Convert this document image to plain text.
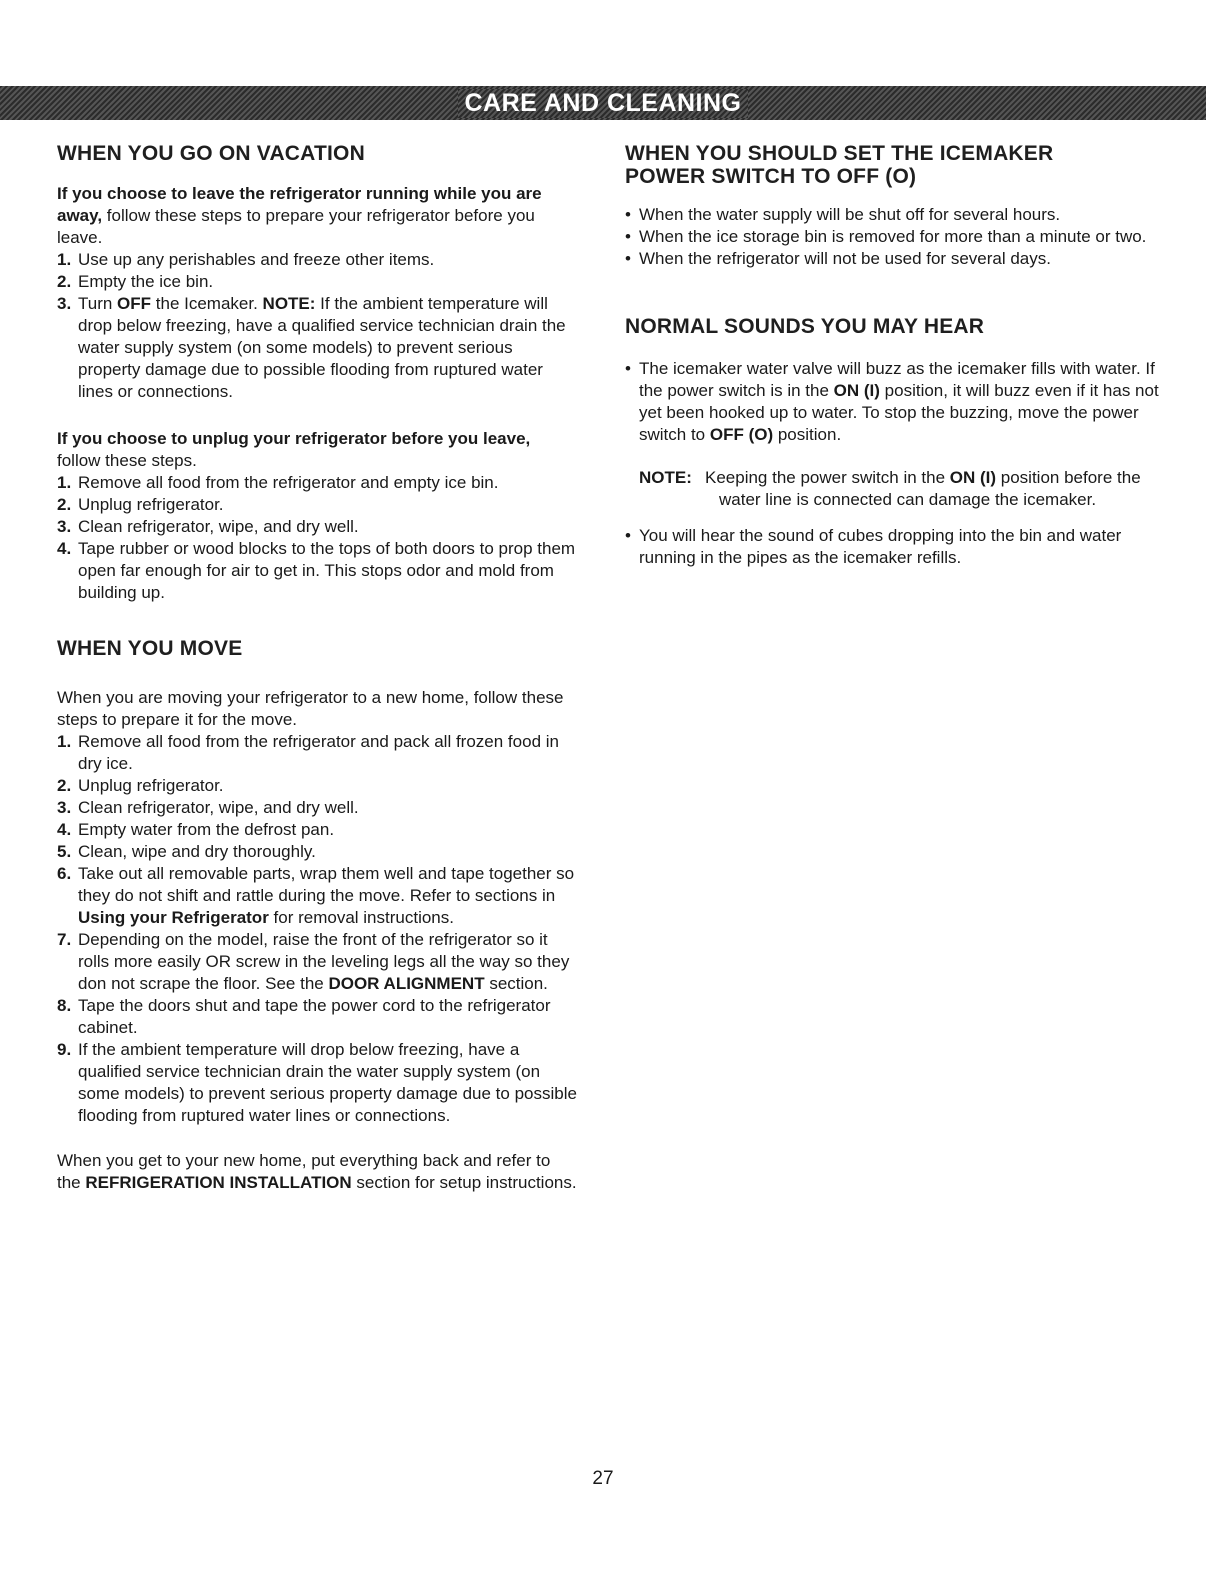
CARE AND CLEANING
WHEN YOU GO ON VACATION

If you choose to leave the refrigerator running while you are away, follow these steps to prepare your refrigerator before you leave.

1. Use up any perishables and freeze other items.
2. Empty the ice bin.
3. Turn OFF the Icemaker. NOTE: If the ambient temperature will drop below freezing, have a qualified service technician drain the water supply system (on some models) to prevent serious property damage due to possible flooding from ruptured water lines or connections.

If you choose to unplug your refrigerator before you leave, follow these steps.

1. Remove all food from the refrigerator and empty ice bin.
2. Unplug refrigerator.
3. Clean refrigerator, wipe, and dry well.
4. Tape rubber or wood blocks to the tops of both doors to prop them open far enough for air to get in. This stops odor and mold from building up.
WHEN YOU MOVE

When you are moving your refrigerator to a new home, follow these steps to prepare it for the move.

1. Remove all food from the refrigerator and pack all frozen food in dry ice.
2. Unplug refrigerator.
3. Clean refrigerator, wipe, and dry well.
4. Empty water from the defrost pan.
5. Clean, wipe and dry thoroughly.
6. Take out all removable parts, wrap them well and tape together so they do not shift and rattle during the move. Refer to sections in Using your Refrigerator for removal instructions.
7. Depending on the model, raise the front of the refrigerator so it rolls more easily OR screw in the leveling legs all the way so they don not scrape the floor. See the DOOR ALIGNMENT section.
8. Tape the doors shut and tape the power cord to the refrigerator cabinet.
9. If the ambient temperature will drop below freezing, have a qualified service technician drain the water supply system (on some models) to prevent serious property damage due to possible flooding from ruptured water lines or connections.

When you get to your new home, put everything back and refer to the REFRIGERATION INSTALLATION section for setup instructions.

WHEN YOU SHOULD SET THE ICEMAKER
POWER SWITCH TO OFF (O)
• When the water supply will be shut off for several hours.
• When the ice storage bin is removed for more than a minute or two.
• When the refrigerator will not be used for several days.
NORMAL SOUNDS YOU MAY HEAR
• The icemaker water valve will buzz as the icemaker fills with water. If the power switch is in the ON (I) position, it will buzz even if it has not yet been hooked up to water. To stop the buzzing, move the power switch to OFF (O) position.
NOTE: Keeping the power switch in the ON (I) position before the water line is connected can damage the icemaker.
• You will hear the sound of cubes dropping into the bin and water running in the pipes as the icemaker refills.
27
